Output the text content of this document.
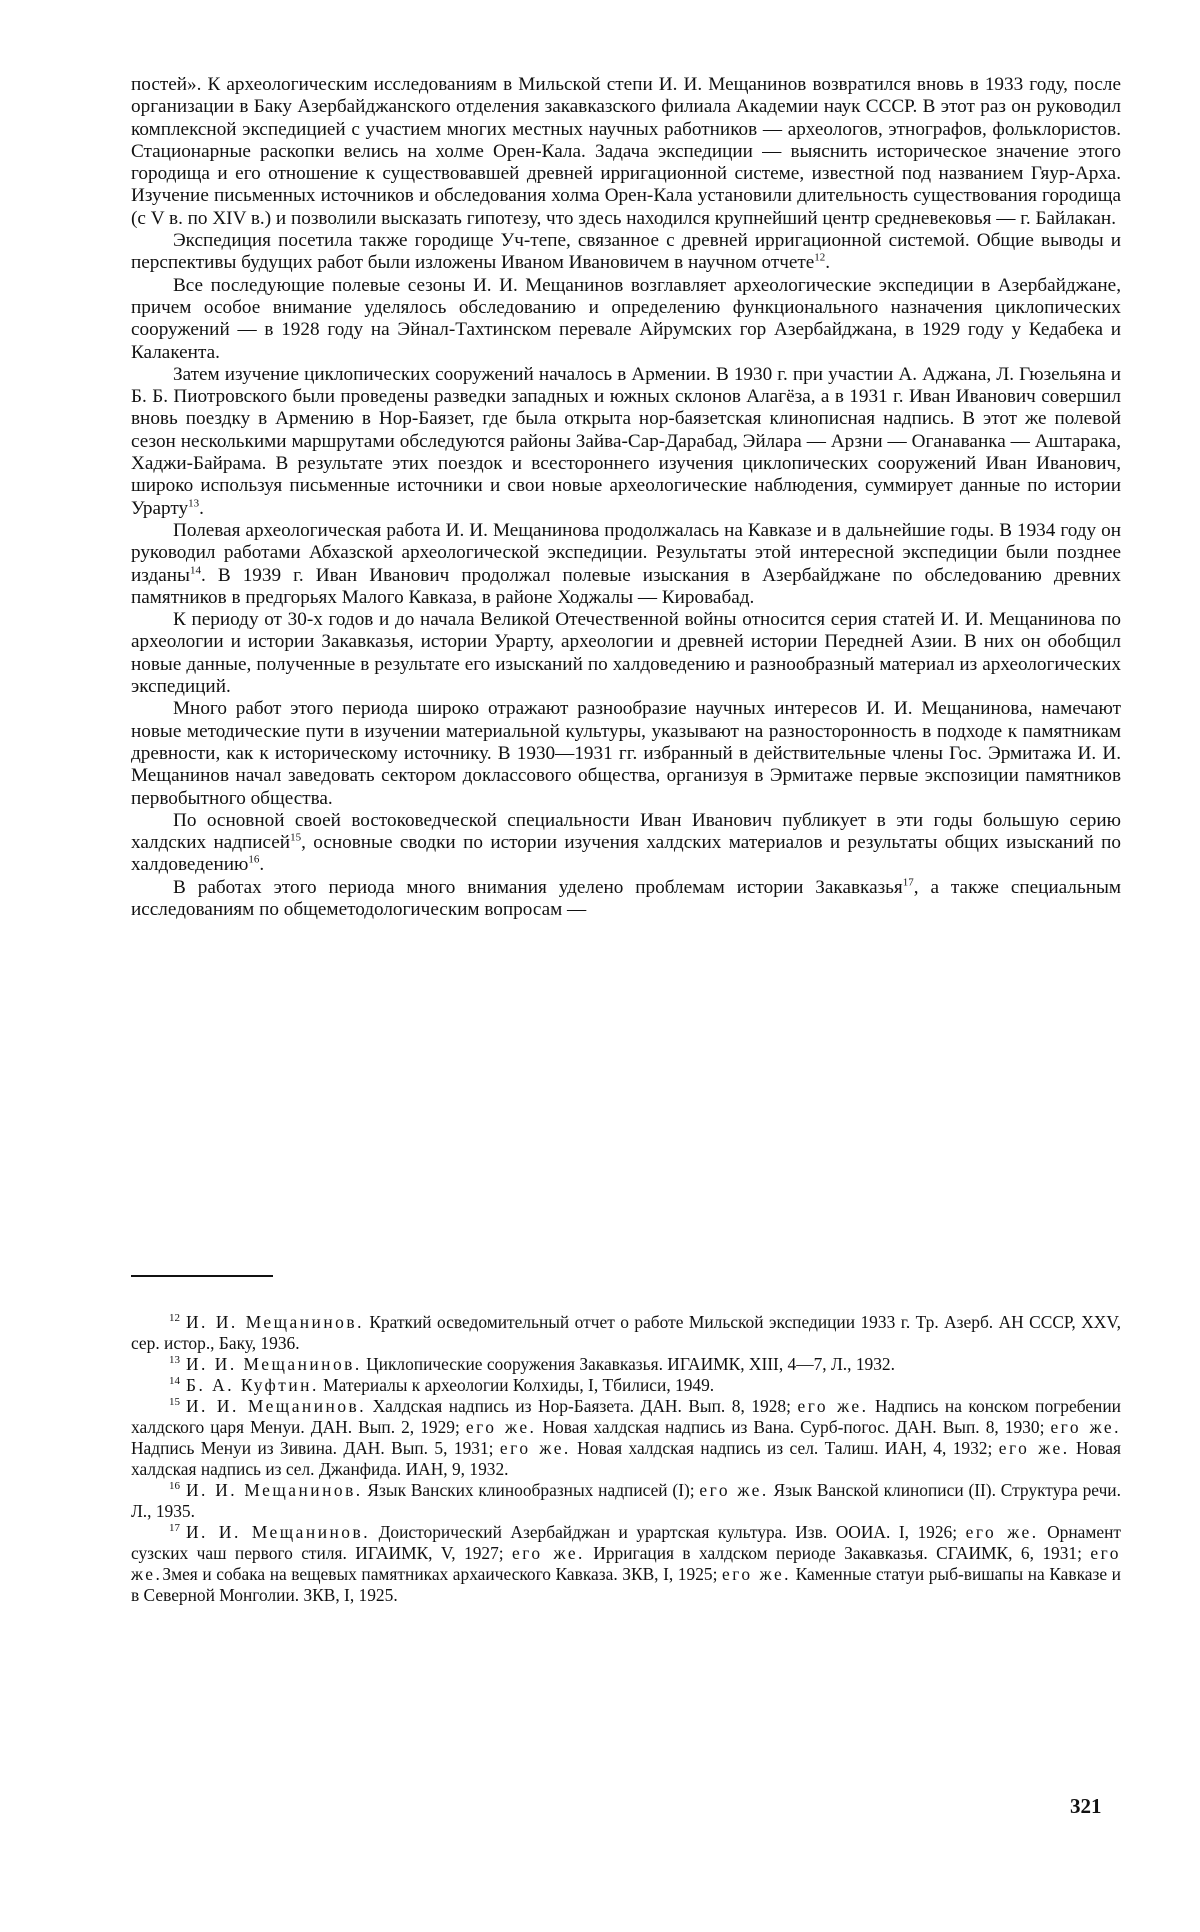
постей». К археологическим исследованиям в Мильской степи И. И. Мещанинов возвратился вновь в 1933 году, после организации в Баку Азербайджанского отделения закавказского филиала Академии наук СССР. В этот раз он руководил комплексной экспедицией с участием многих местных научных работников — археологов, этнографов, фольклористов. Стационарные раскопки велись на холме Орен-Кала. Задача экспедиции — выяснить историческое значение этого городища и его отношение к существовавшей древней ирригационной системе, известной под названием Гяур-Арха. Изучение письменных источников и обследования холма Орен-Кала установили длительность существования городища (с V в. по XIV в.) и позволили высказать гипотезу, что здесь находился крупнейший центр средневековья — г. Байлакан.

Экспедиция посетила также городище Уч-тепе, связанное с древней ирригационной системой. Общие выводы и перспективы будущих работ были изложены Иваном Ивановичем в научном отчете$^{12}$.

Все последующие полевые сезоны И. И. Мещанинов возглавляет археологические экспедиции в Азербайджане, причем особое внимание уделялось обследованию и определению функционального назначения циклопических сооружений — в 1928 году на Эйнал-Тахтинском перевале Айрумских гор Азербайджана, в 1929 году у Кедабека и Калакента.

Затем изучение циклопических сооружений началось в Армении. В 1930 г. при участии А. Аджана, Л. Гюзельяна и Б. Б. Пиотровского были проведены разведки западных и южных склонов Алагёза, а в 1931 г. Иван Иванович совершил вновь поездку в Армению в Нор-Баязет, где была открыта нор-баязетская клинописная надпись. В этот же полевой сезон несколькими маршрутами обследуются районы Зайва-Сар-Дарабад, Эйлара — Арзни — Оганаванка — Аштарака, Хаджи-Байрама. В результате этих поездок и всестороннего изучения циклопических сооружений Иван Иванович, широко используя письменные источники и свои новые археологические наблюдения, суммирует данные по истории Урарту$^{13}$.

Полевая археологическая работа И. И. Мещанинова продолжалась на Кавказе и в дальнейшие годы. В 1934 году он руководил работами Абхазской археологической экспедиции. Результаты этой интересной экспедиции были позднее изданы$^{14}$. В 1939 г. Иван Иванович продолжал полевые изыскания в Азербайджане по обследованию древних памятников в предгорьях Малого Кавказа, в районе Ходжалы — Кировабад.

К периоду от 30-х годов и до начала Великой Отечественной войны относится серия статей И. И. Мещанинова по археологии и истории Закавказья, истории Урарту, археологии и древней истории Передней Азии. В них он обобщил новые данные, полученные в результате его изысканий по халдоведению и разнообразный материал из археологических экспедиций.

Много работ этого периода широко отражают разнообразие научных интересов И. И. Мещанинова, намечают новые методические пути в изучении материальной культуры, указывают на разносторонность в подходе к памятникам древности, как к историческому источнику. В 1930—1931 гг. избранный в действительные члены Гос. Эрмитажа И. И. Мещанинов начал заведовать сектором доклассового общества, организуя в Эрмитаже первые экспозиции памятников первобытного общества.

По основной своей востоковедческой специальности Иван Иванович публикует в эти годы большую серию халдских надписей$^{15}$, основные сводки по истории изучения халдских материалов и результаты общих изысканий по халдоведению$^{16}$.

В работах этого периода много внимания уделено проблемам истории Закавказья$^{17}$, а также специальным исследованиям по общеметодологическим вопросам —

$^{12}$ И. И. Мещанинов. Краткий осведомительный отчет о работе Мильской экспедиции 1933 г. Тр. Азерб. АН СССР, XXV, сер. истор., Баку, 1936.

$^{13}$ И. И. Мещанинов. Циклопические сооружения Закавказья. ИГАИМК, XIII, 4—7, Л., 1932.

$^{14}$ Б. А. Куфтин. Материалы к археологии Колхиды, I, Тбилиси, 1949.

$^{15}$ И. И. Мещанинов. Халдская надпись из Нор-Баязета. ДАН. Вып. 8, 1928; его же. Надпись на конском погребении халдского царя Менуи. ДАН. Вып. 2, 1929; его же. Новая халдская надпись из Вана. Сурб-погос. ДАН. Вып. 8, 1930; его же. Надпись Менуи из Зивина. ДАН. Вып. 5, 1931; его же. Новая халдская надпись из сел. Талиш. ИАН, 4, 1932; его же. Новая халдская надпись из сел. Джанфида. ИАН, 9, 1932.

$^{16}$ И. И. Мещанинов. Язык Ванских клинообразных надписей (I); его же. Язык Ванской клинописи (II). Структура речи. Л., 1935.

$^{17}$ И. И. Мещанинов. Доисторический Азербайджан и урартская культура. Изв. ООИА. I, 1926; его же. Орнамент сузских чаш первого стиля. ИГАИМК, V, 1927; его же. Ирригация в халдском периоде Закавказья. СГАИМК, 6, 1931; его же.Змея и собака на вещевых памятниках архаического Кавказа. ЗКВ, I, 1925; его же. Каменные статуи рыб-вишапы на Кавказе и в Северной Монголии. ЗКВ, I, 1925.

321
